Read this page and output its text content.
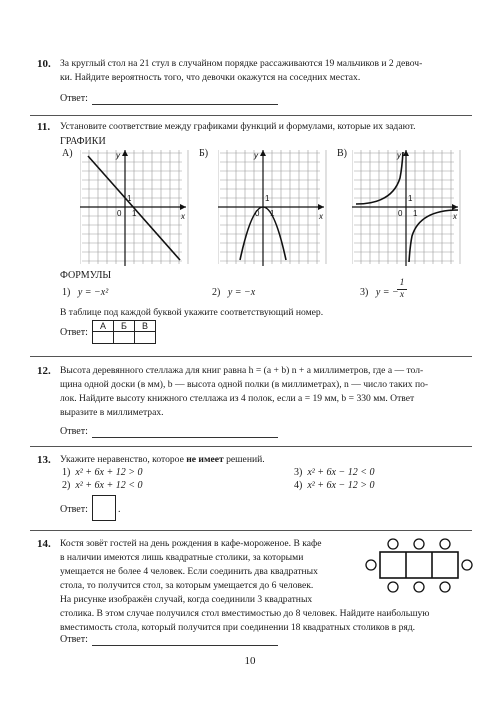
10. За круглый стол на 21 стул в случайном порядке рассаживаются 19 мальчиков и 2 девоч-
ки. Найдите вероятность того, что девочки окажутся на соседних местах.
Ответ:
11. Установите соответствие между графиками функций и формулами, которые их задают.
ГРАФИКИ
А)	Б)	В)
y
x
0 1
1
y
x
0 1
1
y
x
0 1
1
ФОРМУЛЫ
1) y = −x²	2) y = −x	3) y = −
$\frac{1}{x}$
В таблице под каждой буквой укажите соответствующий номер.
Ответ:
А	Б	В

12. Высота деревянного стеллажа для книг равна h = (a + b) n + a миллиметров, где a — тол-
щина одной доски (в мм), b — высота одной полки (в миллиметрах), n — число таких по-
лок. Найдите высоту книжного стеллажа из 4 полок, если a = 19 мм, b = 330 мм. Ответ
выразите в миллиметрах.
Ответ:
13. Укажите неравенство, которое не имеет решений.
1) x² + 6x + 12 > 0
2) x² + 6x + 12 < 0
3) x² + 6x − 12 < 0
4) x² + 6x − 12 > 0
Ответ:	.
14. Костя зовёт гостей на день рождения в кафе-мороженое. В кафе
в наличии имеются лишь квадратные столики, за которыми
умещается не более 4 человек. Если соединить два квадратных
стола, то получится стол, за которым умещается до 6 человек.
На рисунке изображён случай, когда соединили 3 квадратных
столика. В этом случае получился стол вместимостью до 8 человек. Найдите наибольшую
вместимость стола, который получится при соединении 18 квадратных столиков в ряд.
Ответ:
10
